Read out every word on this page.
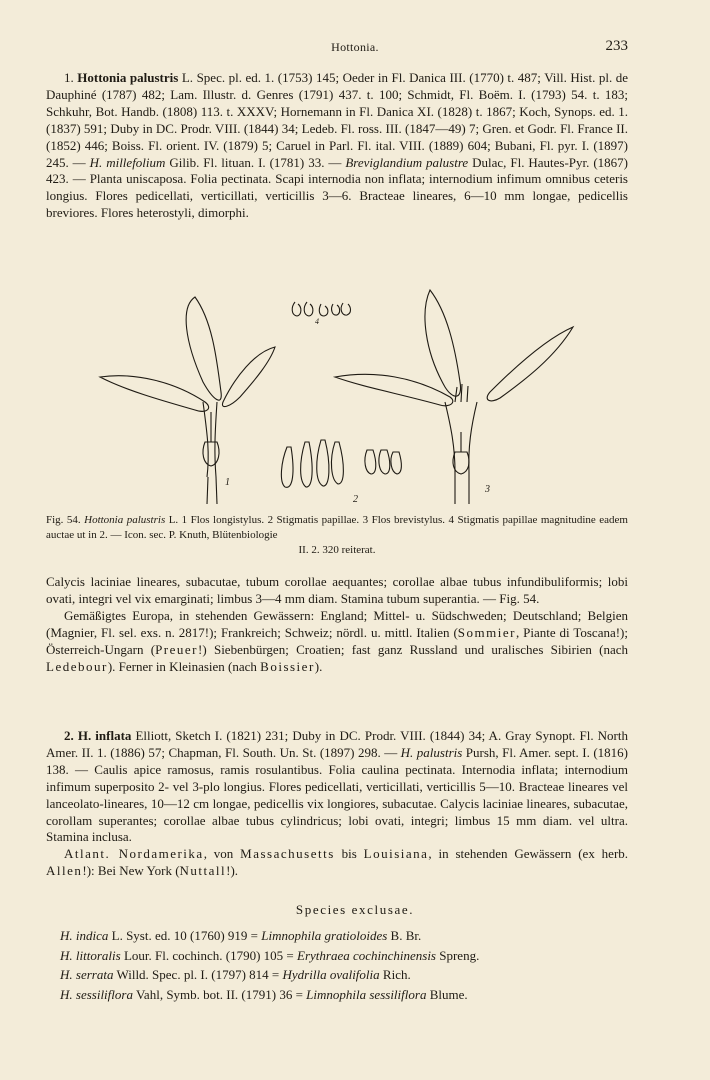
Hottonia.	233

1. Hottonia palustris L. Spec. pl. ed. 1. (1753) 145; Oeder in Fl. Danica III. (1770) t. 487; Vill. Hist. pl. de Dauphiné (1787) 482; Lam. Illustr. d. Genres (1791) 437. t. 100; Schmidt, Fl. Boëm. I. (1793) 54. t. 183; Schkuhr, Bot. Handb. (1808) 113. t. XXXV; Hornemann in Fl. Danica XI. (1828) t. 1867; Koch, Synops. ed. 1. (1837) 591; Duby in DC. Prodr. VIII. (1844) 34; Ledeb. Fl. ross. III. (1847—49) 7; Gren. et Godr. Fl. France II. (1852) 446; Boiss. Fl. orient. IV. (1879) 5; Caruel in Parl. Fl. ital. VIII. (1889) 604; Bubani, Fl. pyr. I. (1897) 245. — H. millefolium Gilib. Fl. lituan. I. (1781) 33. — Breviglandium palustre Dulac, Fl. Hautes-Pyr. (1867) 423. — Planta uniscaposa. Folia pectinata. Scapi internodia non inflata; internodium infimum omnibus ceteris longius. Flores pedicellati, verticillati, verticillis 3—6. Bracteae lineares, 6—10 mm longae, pedicellis breviores. Flores heterostyli, dimorphi.

1
2
3
4
Fig. 54. Hottonia palustris L. 1 Flos longistylus. 2 Stigmatis papillae. 3 Flos brevistylus. 4 Stigmatis papillae magnitudine eadem auctae ut in 2. — Icon. sec. P. Knuth, Blütenbiologie
II. 2. 320 reiterat.

Calycis laciniae lineares, subacutae, tubum corollae aequantes; corollae albae tubus infundibuliformis; lobi ovati, integri vel vix emarginati; limbus 3—4 mm diam. Stamina tubum superantia. — Fig. 54.

Gemäßigtes Europa, in stehenden Gewässern: England; Mittel- u. Südschweden; Deutschland; Belgien (Magnier, Fl. sel. exs. n. 2817!); Frankreich; Schweiz; nördl. u. mittl. Italien (Sommier, Piante di Toscana!); Österreich-Ungarn (Preuer!) Siebenbürgen; Croatien; fast ganz Russland und uralisches Sibirien (nach Ledebour). Ferner in Kleinasien (nach Boissier).

2. H. inflata Elliott, Sketch I. (1821) 231; Duby in DC. Prodr. VIII. (1844) 34; A. Gray Synopt. Fl. North Amer. II. 1. (1886) 57; Chapman, Fl. South. Un. St. (1897) 298. — H. palustris Pursh, Fl. Amer. sept. I. (1816) 138. — Caulis apice ramosus, ramis rosulantibus. Folia caulina pectinata. Internodia inflata; internodium infimum superposito 2- vel 3-plo longius. Flores pedicellati, verticillati, verticillis 5—10. Bracteae lineares vel lanceolato-lineares, 10—12 cm longae, pedicellis vix longiores, subacutae. Calycis laciniae lineares, subacutae, corollam superantes; corollae albae tubus cylindricus; lobi ovati, integri; limbus 15 mm diam. vel ultra. Stamina inclusa.

Atlant. Nordamerika, von Massachusetts bis Louisiana, in stehenden Gewässern (ex herb. Allen!): Bei New York (Nuttall!).

Species exclusae.
H. indica L. Syst. ed. 10 (1760) 919 = Limnophila gratioloides B. Br.
H. littoralis Lour. Fl. cochinch. (1790) 105 = Erythraea cochinchinensis Spreng.
H. serrata Willd. Spec. pl. I. (1797) 814 = Hydrilla ovalifolia Rich.
H. sessiliflora Vahl, Symb. bot. II. (1791) 36 = Limnophila sessiliflora Blume.
